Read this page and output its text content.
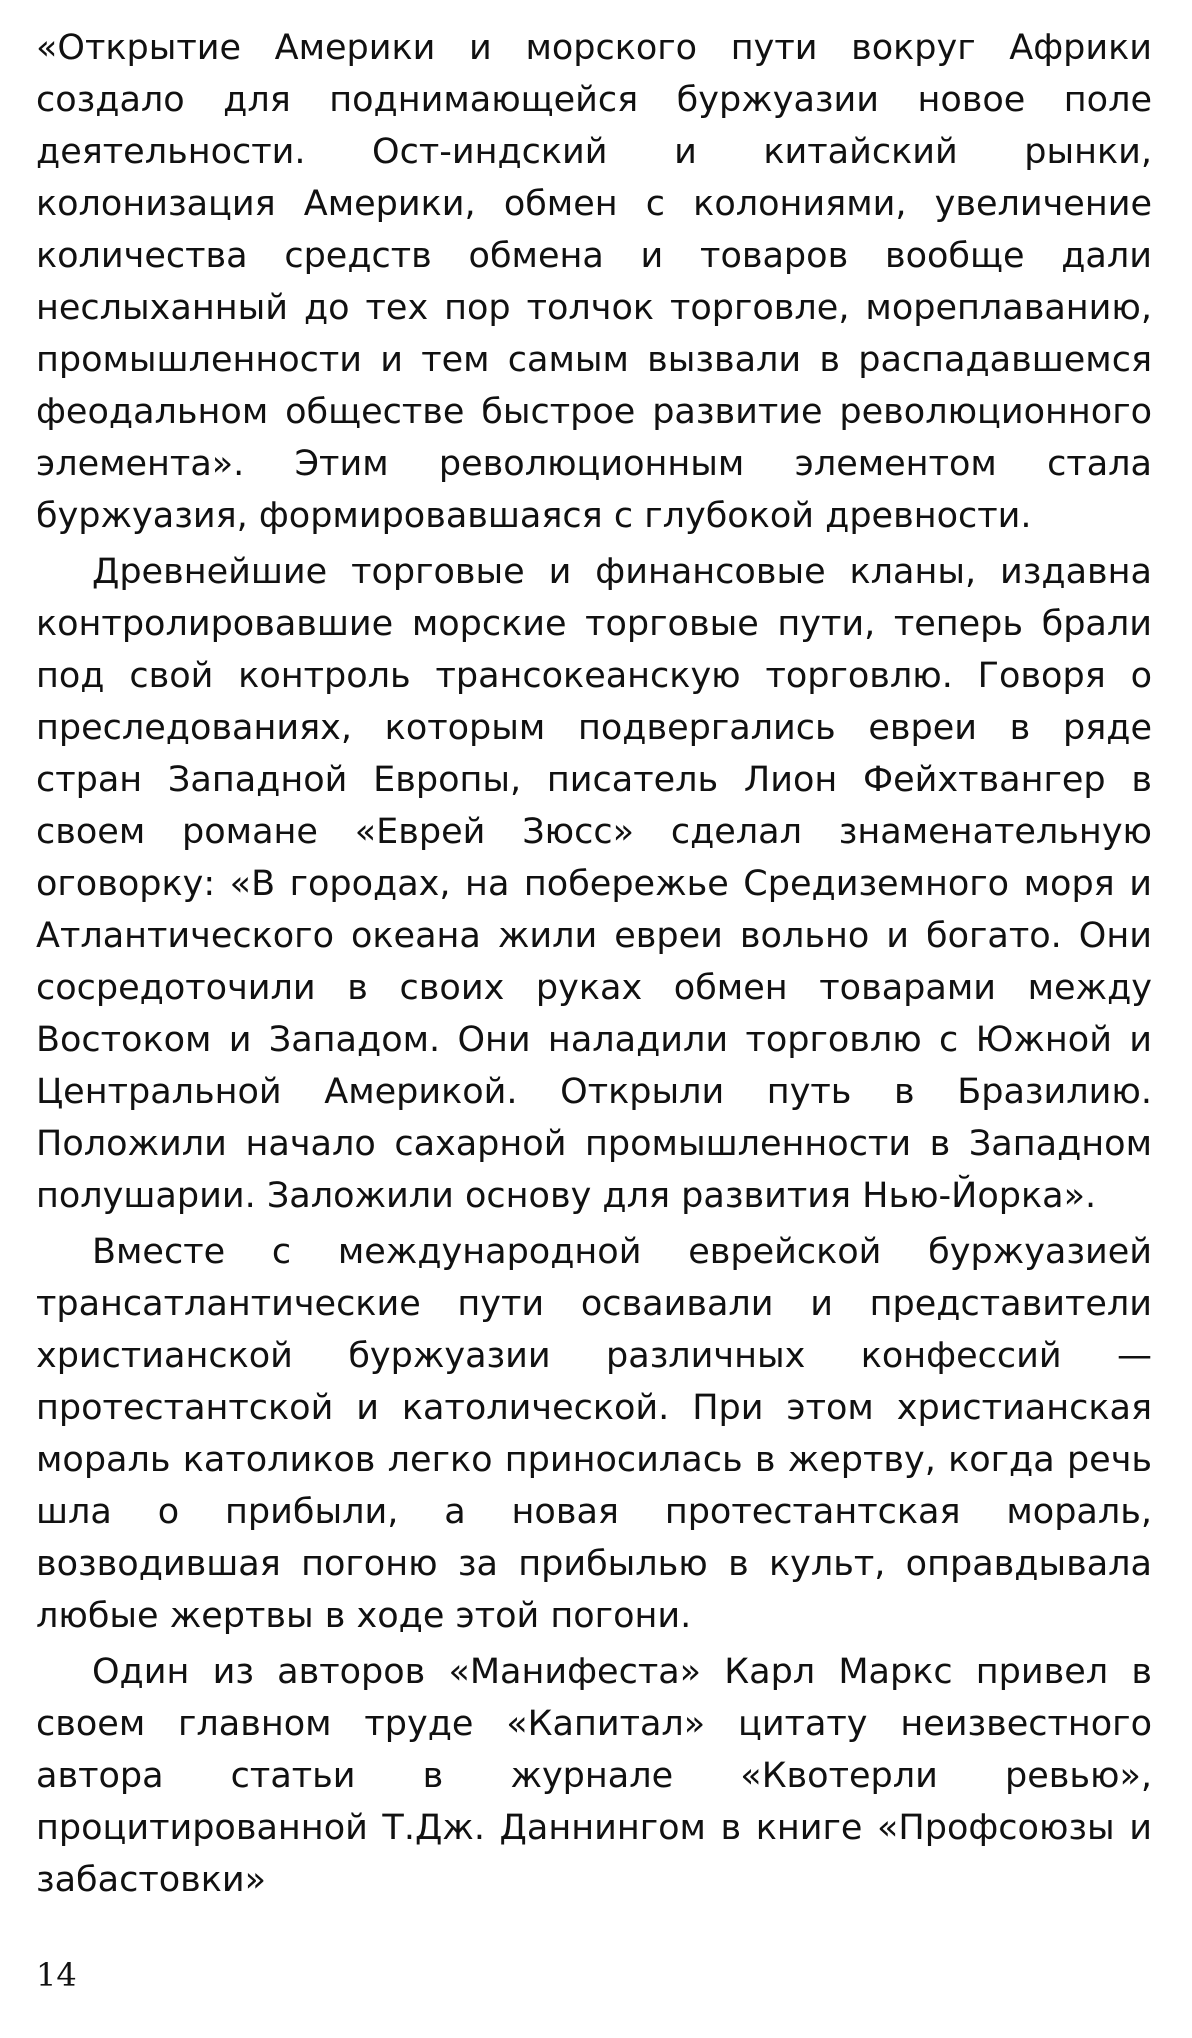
«Открытие Америки и морского пути вокруг Африки создало для поднимающейся буржуазии новое поле деятельности. Ост-индский и китайский рынки, колонизация Америки, обмен с колониями, увеличение количества средств обмена и товаров вообще дали неслыханный до тех пор толчок торговле, мореплаванию, промышленности и тем самым вызвали в распадавшемся феодальном обществе быстрое развитие революционного элемента». Этим революционным элементом стала буржуазия, формировавшаяся с глубокой древности.

Древнейшие торговые и финансовые кланы, издавна контролировавшие морские торговые пути, теперь брали под свой контроль трансокеанскую торговлю. Говоря о преследованиях, которым подвергались евреи в ряде стран Западной Европы, писатель Лион Фейхтвангер в своем романе «Еврей Зюсс» сделал знаменательную оговорку: «В городах, на побережье Средиземного моря и Атлантического океана жили евреи вольно и богато. Они сосредоточили в своих руках обмен товарами между Востоком и Западом. Они наладили торговлю с Южной и Центральной Америкой. Открыли путь в Бразилию. Положили начало сахарной промышленности в Западном полушарии. Заложили основу для развития Нью-Йорка».

Вместе с международной еврейской буржуазией трансатлантические пути осваивали и представители христианской буржуазии различных конфессий — протестантской и католической. При этом христианская мораль католиков легко приносилась в жертву, когда речь шла о прибыли, а новая протестантская мораль, возводившая погоню за прибылью в культ, оправдывала любые жертвы в ходе этой погони.

Один из авторов «Манифеста» Карл Маркс привел в своем главном труде «Капитал» цитату неизвестного автора статьи в журнале «Квотерли ревью», процитированной Т.Дж. Даннингом в книге «Профсоюзы и забастовки»

14
